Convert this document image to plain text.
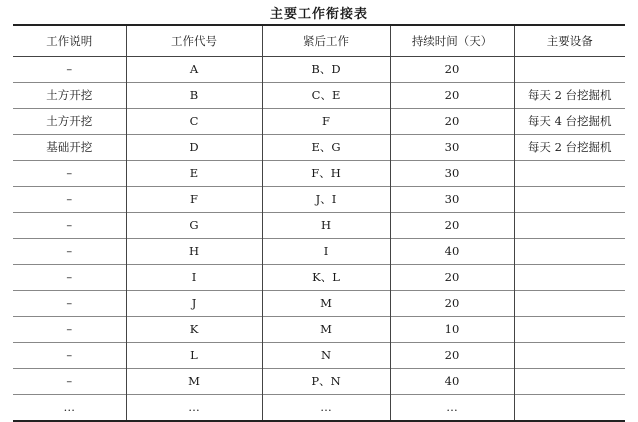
主要工作衔接表
工作说明	工作代号	紧后工作	持续时间（天）	主要设备
–	A	B、D	20	
土方开挖	B	C、E	20	每天 2 台挖掘机
土方开挖	C	F	20	每天 4 台挖掘机
基础开挖	D	E、G	30	每天 2 台挖掘机
–	E	F、H	30	
–	F	J、I	30	
–	G	H	20	
–	H	I	40	
–	I	K、L	20	
–	J	M	20	
–	K	M	10	
–	L	N	20	
–	M	P、N	40	
…	…	…	…	
